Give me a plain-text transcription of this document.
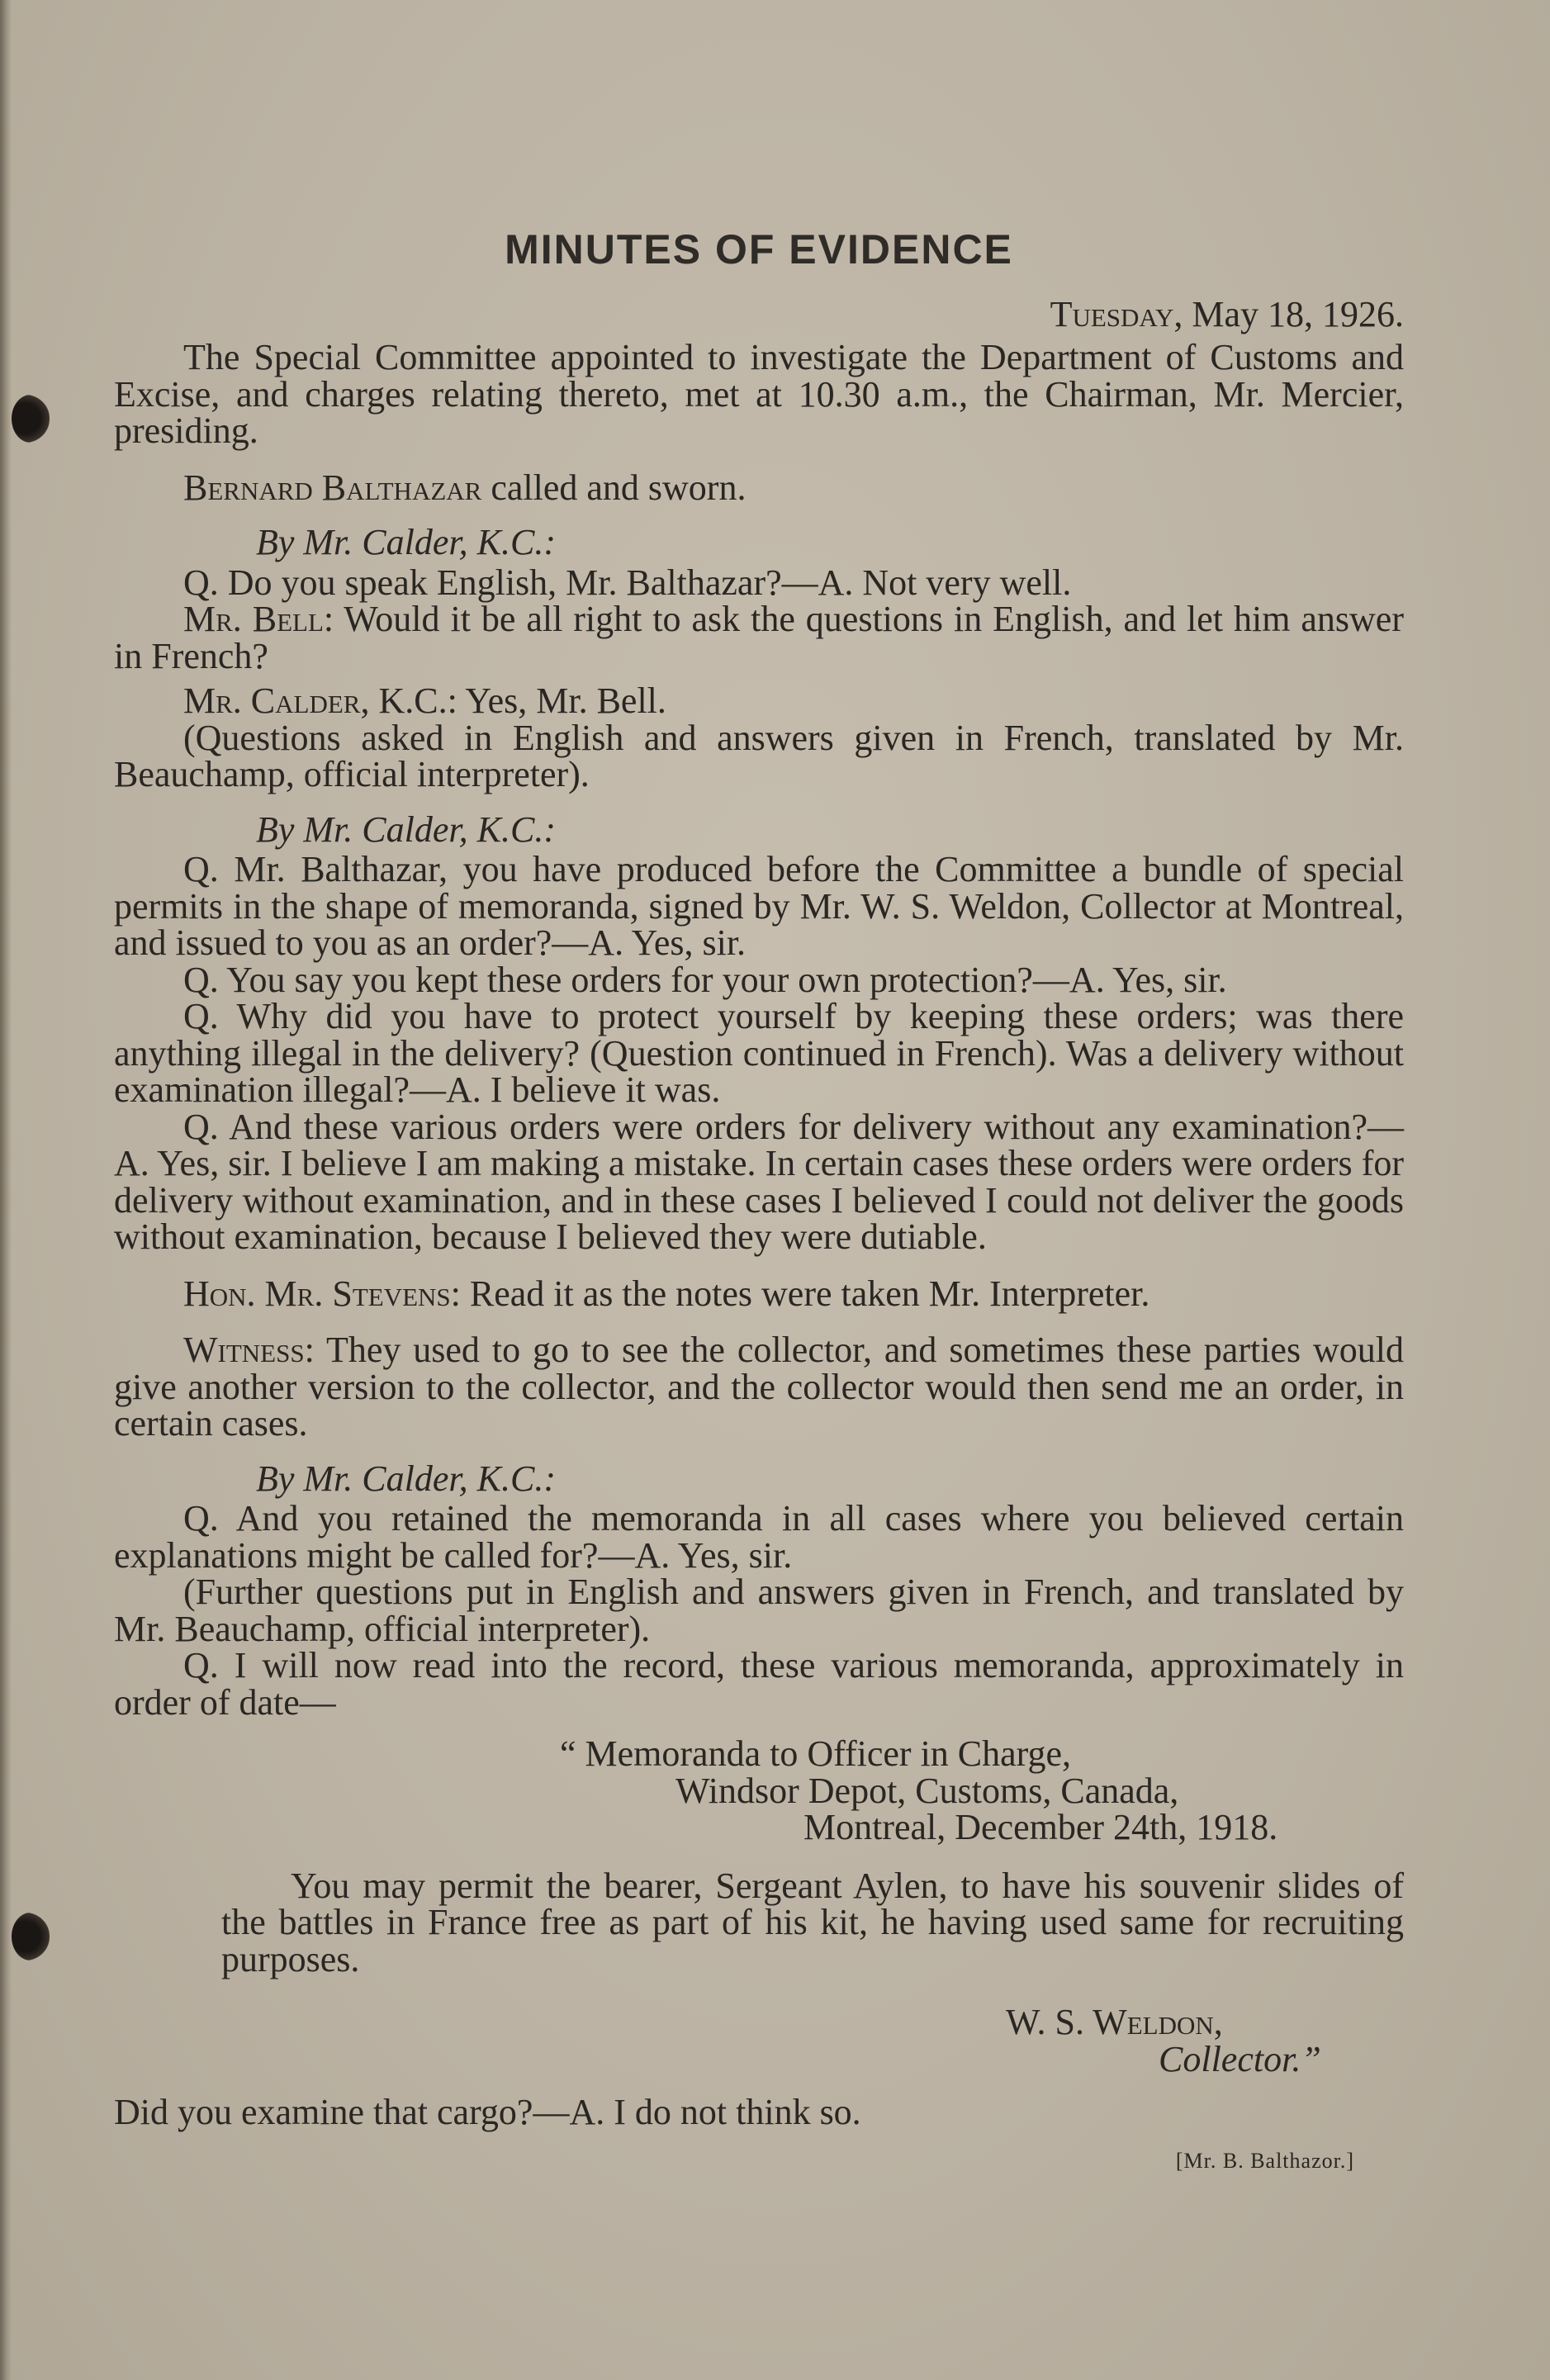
MINUTES OF EVIDENCE
Tuesday, May 18, 1926.

The Special Committee appointed to investigate the Department of Customs and Excise, and charges relating thereto, met at 10.30 a.m., the Chairman, Mr. Mercier, presiding.

Bernard Balthazar called and sworn.

By Mr. Calder, K.C.:

Q. Do you speak English, Mr. Balthazar?—A. Not very well.

Mr. Bell: Would it be all right to ask the questions in English, and let him answer in French?

Mr. Calder, K.C.: Yes, Mr. Bell.

(Questions asked in English and answers given in French, translated by Mr. Beauchamp, official interpreter).

By Mr. Calder, K.C.:

Q. Mr. Balthazar, you have produced before the Committee a bundle of special permits in the shape of memoranda, signed by Mr. W. S. Weldon, Collector at Montreal, and issued to you as an order?—A. Yes, sir.

Q. You say you kept these orders for your own protection?—A. Yes, sir.

Q. Why did you have to protect yourself by keeping these orders; was there anything illegal in the delivery? (Question continued in French). Was a delivery without examination illegal?—A. I believe it was.

Q. And these various orders were orders for delivery without any examination?—A. Yes, sir. I believe I am making a mistake. In certain cases these orders were orders for delivery without examination, and in these cases I believed I could not deliver the goods without examination, because I believed they were dutiable.

Hon. Mr. Stevens: Read it as the notes were taken Mr. Interpreter.

Witness: They used to go to see the collector, and sometimes these parties would give another version to the collector, and the collector would then send me an order, in certain cases.

By Mr. Calder, K.C.:

Q. And you retained the memoranda in all cases where you believed certain explanations might be called for?—A. Yes, sir.

(Further questions put in English and answers given in French, and translated by Mr. Beauchamp, official interpreter).

Q. I will now read into the record, these various memoranda, approximately in order of date—

“ Memoranda to Officer in Charge,

Windsor Depot, Customs, Canada,

Montreal, December 24th, 1918.

You may permit the bearer, Sergeant Aylen, to have his souvenir slides of the battles in France free as part of his kit, he having used same for recruiting purposes.

W. S. Weldon,
Collector.”

Did you examine that cargo?—A. I do not think so.

[Mr. B. Balthazor.]
